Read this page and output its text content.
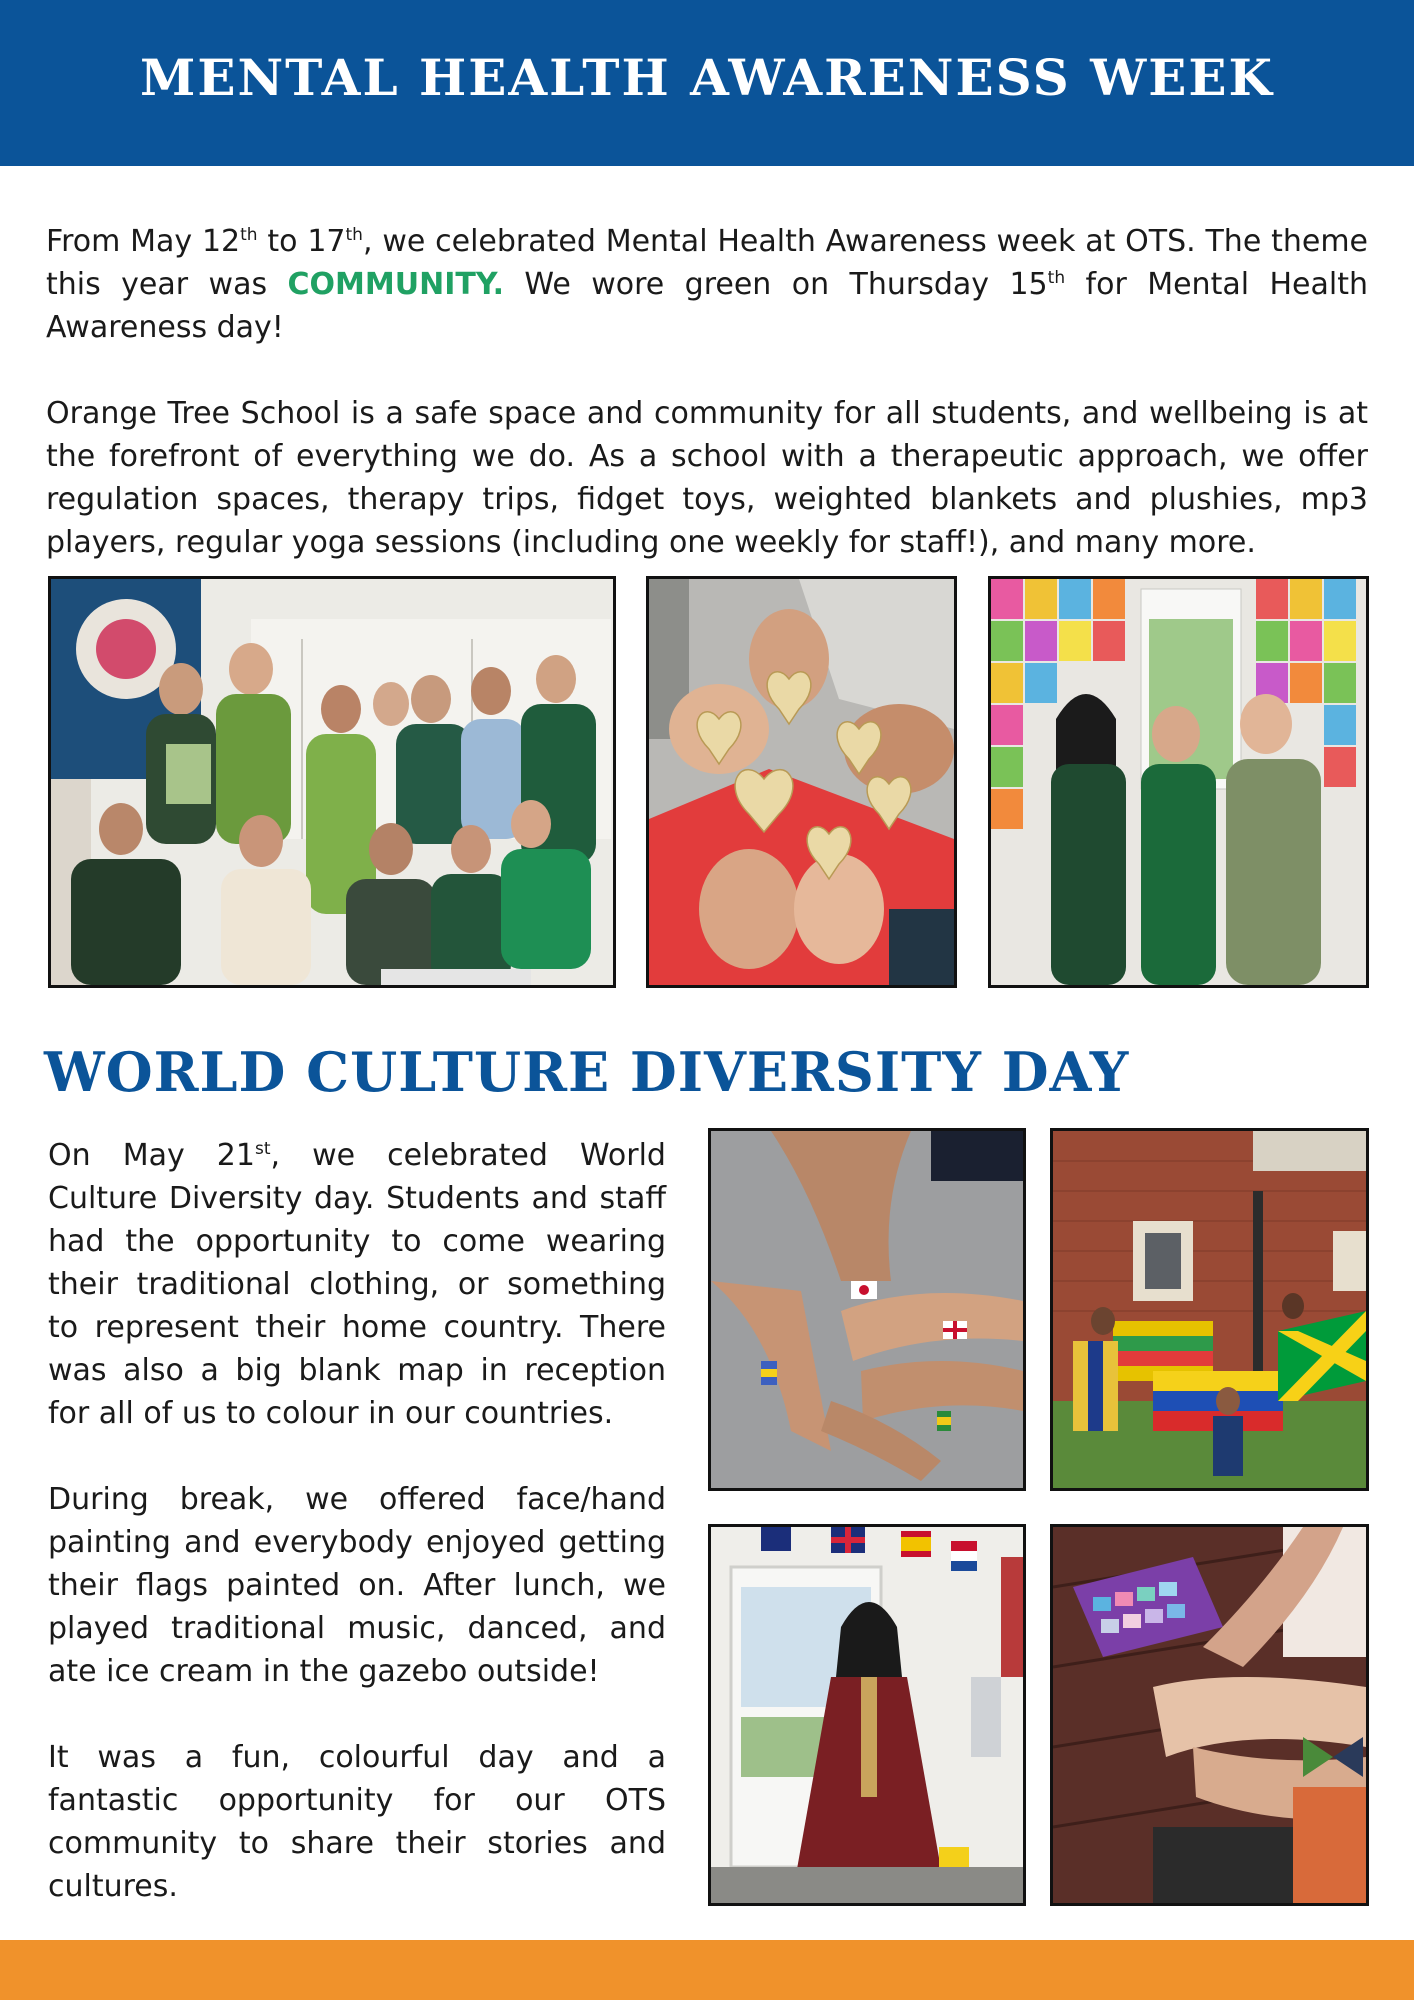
MENTAL HEALTH AWARENESS WEEK

From May 12th to 17th, we celebrated Mental Health Awareness week at OTS. The theme this year was COMMUNITY. We wore green on Thursday 15th for Mental Health Awareness day!

Orange Tree School is a safe space and community for all students, and wellbeing is at the forefront of everything we do. As a school with a therapeutic approach, we offer regulation spaces, therapy trips, fidget toys, weighted blankets and plushies, mp3 players, regular yoga sessions (including one weekly for staff!), and many more.

WORLD CULTURE DIVERSITY DAY

On May 21st, we celebrated World Culture Diversity day. Students and staff had the opportunity to come wearing their traditional clothing, or something to represent their home country. There was also a big blank map in reception for all of us to colour in our countries.

During break, we offered face/hand painting and everybody enjoyed getting their flags painted on. After lunch, we played traditional music, danced, and ate ice cream in the gazebo outside!

It was a fun, colourful day and a fantastic opportunity for our OTS community to share their stories and cultures.
